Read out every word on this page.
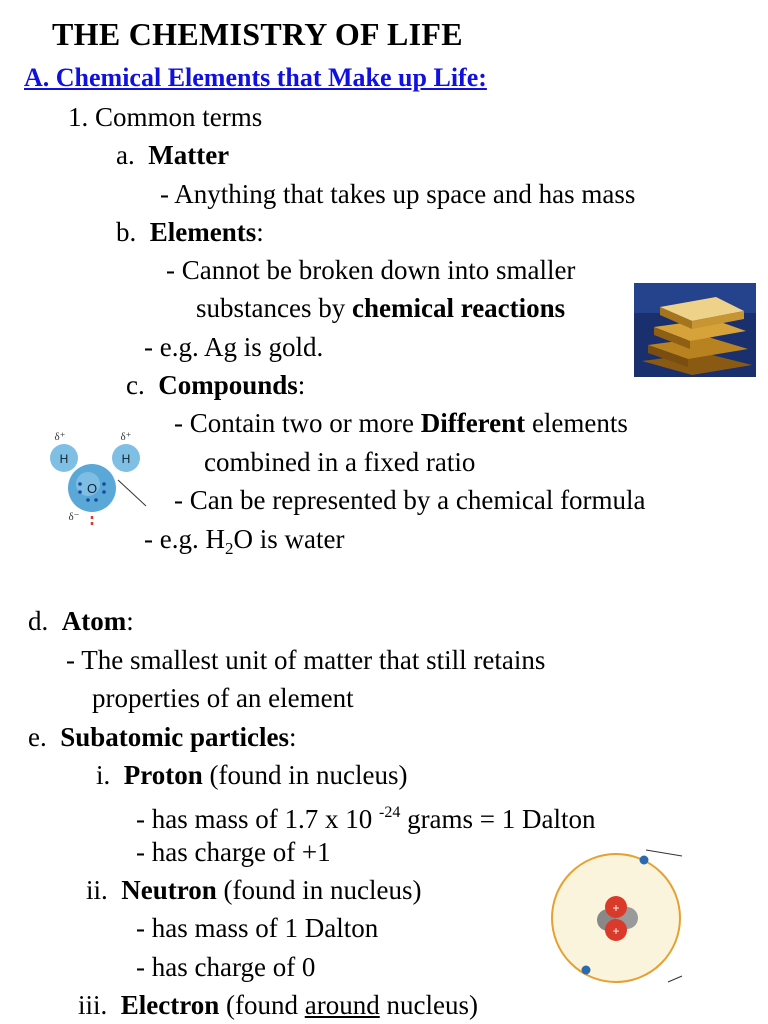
THE CHEMISTRY OF LIFE
A. Chemical Elements that Make up Life:
1. Common terms
a. Matter
- Anything that takes up space and has mass
b. Elements:
- Cannot be broken down into smaller
substances by chemical reactions
- e.g. Ag is gold.
c. Compounds:
- Contain two or more Different elements
combined in a fixed ratio
- Can be represented by a chemical formula
- e.g. $H_2O$ is water
H	H
O
δ⁺	δ⁺
δ⁻
d. Atom:
- The smallest unit of matter that still retains
properties of an element
e. Subatomic particles:
i. Proton (found in nucleus)
- has mass of 1.7 x 10 $^{-24}$ grams = 1 Dalton
- has charge of +1
ii. Neutron (found in nucleus)
- has mass of 1 Dalton
- has charge of 0
iii. Electron (found around nucleus)
+
+
